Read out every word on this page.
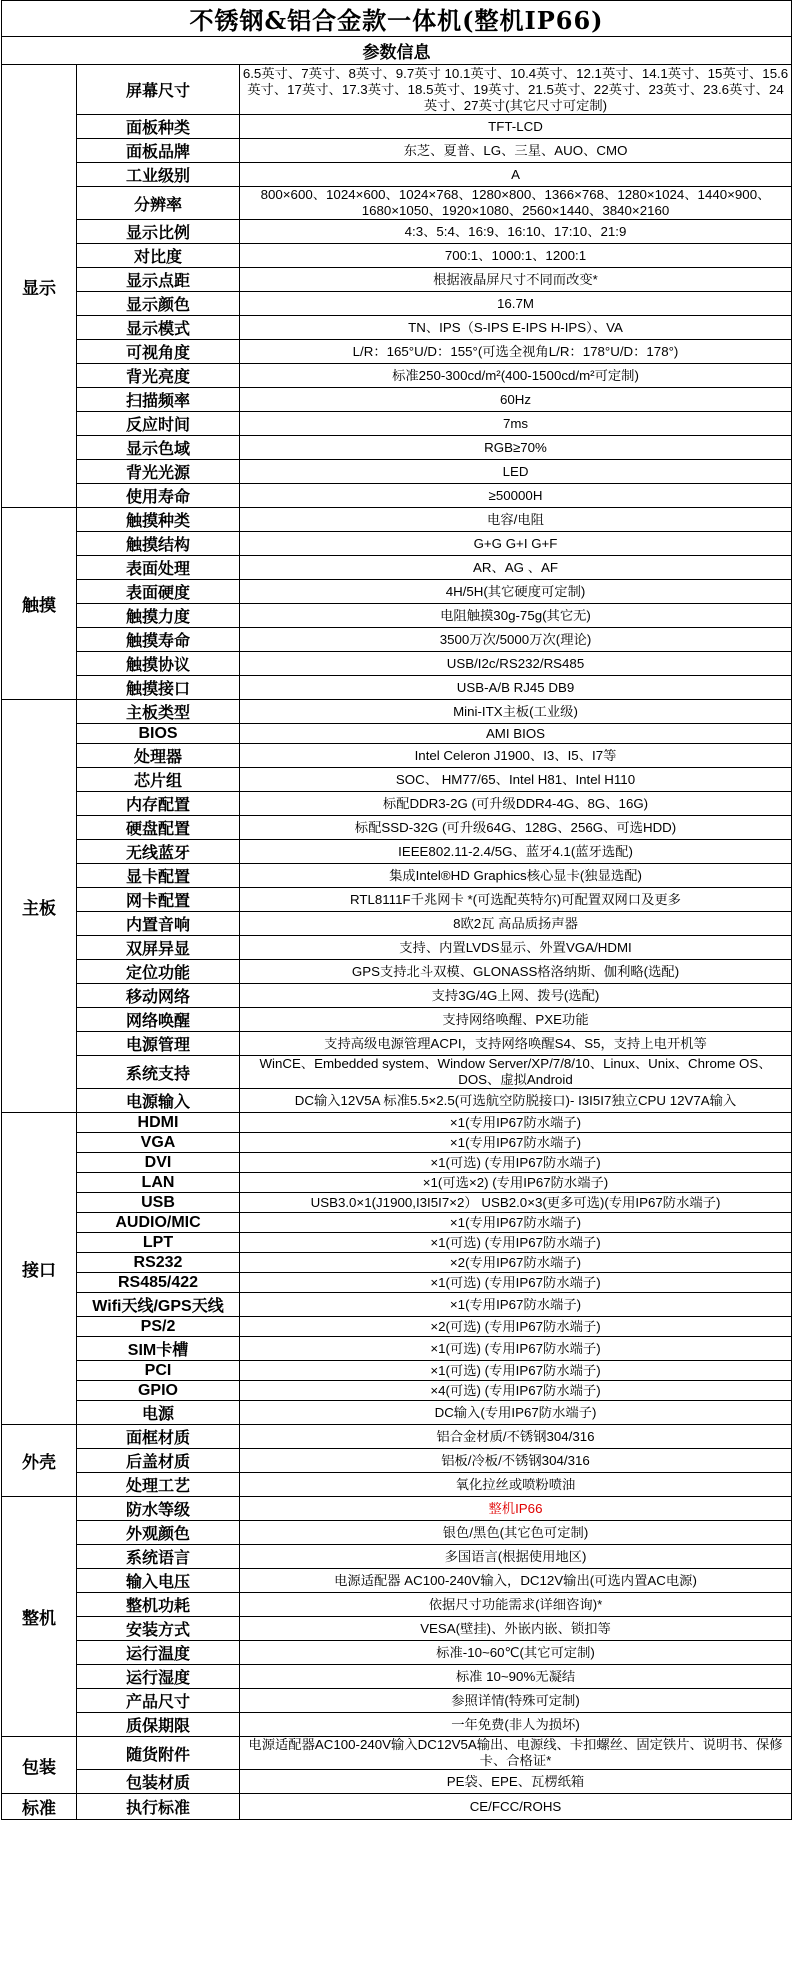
不锈钢&铝合金款一体机(整机IP66)		
参数信息		
显示	屏幕尺寸	6.5英寸、7英寸、8英寸、9.7英寸 10.1英寸、10.4英寸、12.1英寸、14.1英寸、15英寸、15.6英寸、17英寸、17.3英寸、18.5英寸、19英寸、21.5英寸、22英寸、23英寸、23.6英寸、24英寸、27英寸(其它尺寸可定制)
	面板种类	TFT-LCD
	面板品牌	东芝、夏普、LG、三星、AUO、CMO
	工业级别	A
	分辨率	800×600、1024×600、1024×768、1280×800、1366×768、1280×1024、1440×900、1680×1050、1920×1080、2560×1440、3840×2160
	显示比例	4:3、5:4、16:9、16:10、17:10、21:9
	对比度	700:1、1000:1、1200:1
	显示点距	根据液晶屏尺寸不同而改变*
	显示颜色	16.7M
	显示模式	TN、IPS（S-IPS E-IPS H-IPS）、VA
	可视角度	L/R：165°U/D：155°(可选全视角L/R：178°U/D：178°)
	背光亮度	标准250-300cd/m²(400-1500cd/m²可定制)
	扫描频率	60Hz
	反应时间	7ms
	显示色域	RGB≥70%
	背光光源	LED
	使用寿命	≥50000H
触摸	触摸种类	电容/电阻
	触摸结构	G+G G+I G+F
	表面处理	AR、AG 、AF
	表面硬度	4H/5H(其它硬度可定制)
	触摸力度	电阻触摸30g-75g(其它无)
	触摸寿命	3500万次/5000万次(理论)
	触摸协议	USB/I2c/RS232/RS485
	触摸接口	USB-A/B RJ45 DB9
主板	主板类型	Mini-ITX主板(工业级)
	BIOS	AMI BIOS
	处理器	Intel Celeron J1900、I3、I5、I7等
	芯片组	SOC、 HM77/65、Intel H81、Intel H110
	内存配置	标配DDR3-2G (可升级DDR4-4G、8G、16G)
	硬盘配置	标配SSD-32G (可升级64G、128G、256G、可选HDD)
	无线蓝牙	IEEE802.11-2.4/5G、蓝牙4.1(蓝牙选配)
	显卡配置	集成Intel®HD Graphics核心显卡(独显选配)
	网卡配置	RTL8111F千兆网卡 *(可选配英特尔)可配置双网口及更多
	内置音响	8欧2瓦 高品质扬声器
	双屏异显	支持、内置LVDS显示、外置VGA/HDMI
	定位功能	GPS支持北斗双模、GLONASS格洛纳斯、伽利略(选配)
	移动网络	支持3G/4G上网、拨号(选配)
	网络唤醒	支持网络唤醒、PXE功能
	电源管理	支持高级电源管理ACPI，支持网络唤醒S4、S5，支持上电开机等
	系统支持	WinCE、Embedded system、Window Server/XP/7/8/10、Linux、Unix、Chrome OS、DOS、虚拟Android
	电源输入	DC输入12V5A 标准5.5×2.5(可选航空防脱接口)- I3I5I7独立CPU 12V7A输入
接口	HDMI	×1(专用IP67防水端子)
	VGA	×1(专用IP67防水端子)
	DVI	×1(可选) (专用IP67防水端子)
	LAN	×1(可选×2) (专用IP67防水端子)
	USB	USB3.0×1(J1900,I3I5I7×2） USB2.0×3(更多可选)(专用IP67防水端子)
	AUDIO/MIC	×1(专用IP67防水端子)
	LPT	×1(可选) (专用IP67防水端子)
	RS232	×2(专用IP67防水端子)
	RS485/422	×1(可选) (专用IP67防水端子)
	Wifi天线/GPS天线	×1(专用IP67防水端子)
	PS/2	×2(可选) (专用IP67防水端子)
	SIM卡槽	×1(可选) (专用IP67防水端子)
	PCI	×1(可选) (专用IP67防水端子)
	GPIO	×4(可选) (专用IP67防水端子)
	电源	DC输入(专用IP67防水端子)
外壳	面框材质	铝合金材质/不锈钢304/316
	后盖材质	铝板/冷板/不锈钢304/316
	处理工艺	氧化拉丝或喷粉喷油
整机	防水等级	整机IP66
	外观颜色	银色/黑色(其它色可定制)
	系统语言	多国语言(根据使用地区)
	输入电压	电源适配器 AC100-240V输入，DC12V输出(可选内置AC电源)
	整机功耗	依据尺寸功能需求(详细咨询)*
	安装方式	VESA(壁挂)、外嵌内嵌、锁扣等
	运行温度	标准-10~60℃(其它可定制)
	运行湿度	标准 10~90%无凝结
	产品尺寸	参照详情(特殊可定制)
	质保期限	一年免费(非人为损坏)
包装	随货附件	电源适配器AC100-240V输入DC12V5A输出、电源线、卡扣螺丝、固定铁片、说明书、保修卡、合格证*
	包装材质	PE袋、EPE、瓦楞纸箱
标准	执行标准	CE/FCC/ROHS
